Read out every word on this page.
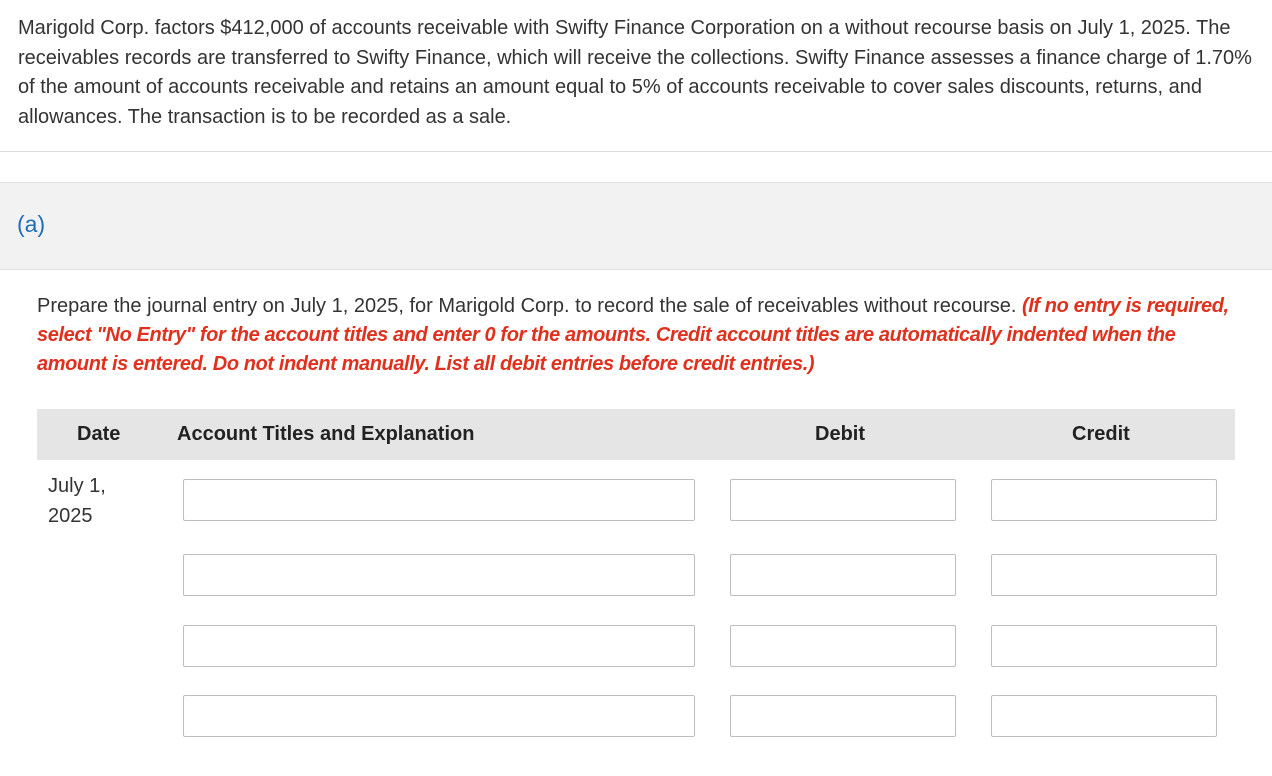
Marigold Corp. factors $412,000 of accounts receivable with Swifty Finance Corporation on a without recourse basis on July 1, 2025. The receivables records are transferred to Swifty Finance, which will receive the collections. Swifty Finance assesses a finance charge of 1.70% of the amount of accounts receivable and retains an amount equal to 5% of accounts receivable to cover sales discounts, returns, and allowances. The transaction is to be recorded as a sale.
(a)
Prepare the journal entry on July 1, 2025, for Marigold Corp. to record the sale of receivables without recourse. (If no entry is required, select "No Entry" for the account titles and enter 0 for the amounts. Credit account titles are automatically indented when the amount is entered. Do not indent manually. List all debit entries before credit entries.)
Date	Account Titles and Explanation	Debit	Credit
July 1,
2025
